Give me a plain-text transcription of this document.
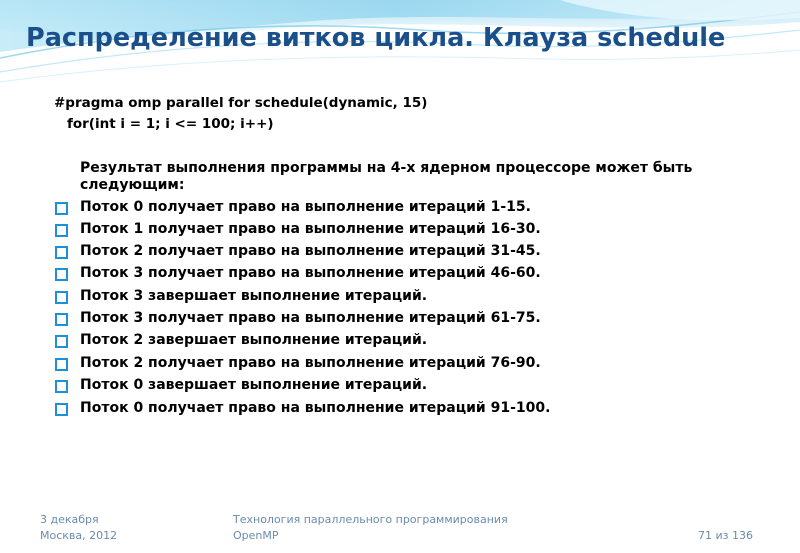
Распределение витков цикла. Клауза schedule
#pragma omp parallel for schedule(dynamic, 15)
for(int i = 1; i <= 100; i++)
Результат выполнения программы на 4-х ядерном процессоре может быть следующим:
Поток 0 получает право на выполнение итераций 1-15.
Поток 1 получает право на выполнение итераций 16-30.
Поток 2 получает право на выполнение итераций 31-45.
Поток 3 получает право на выполнение итераций 46-60.
Поток 3 завершает выполнение итераций.
Поток 3 получает право на выполнение итераций 61-75.
Поток 2 завершает выполнение итераций.
Поток 2 получает право на выполнение итераций 76-90.
Поток 0 завершает выполнение итераций.
Поток 0 получает право на выполнение итераций 91-100.
3 декабря
Москва, 2012
Технология параллельного программирования
OpenMP	71 из 136
